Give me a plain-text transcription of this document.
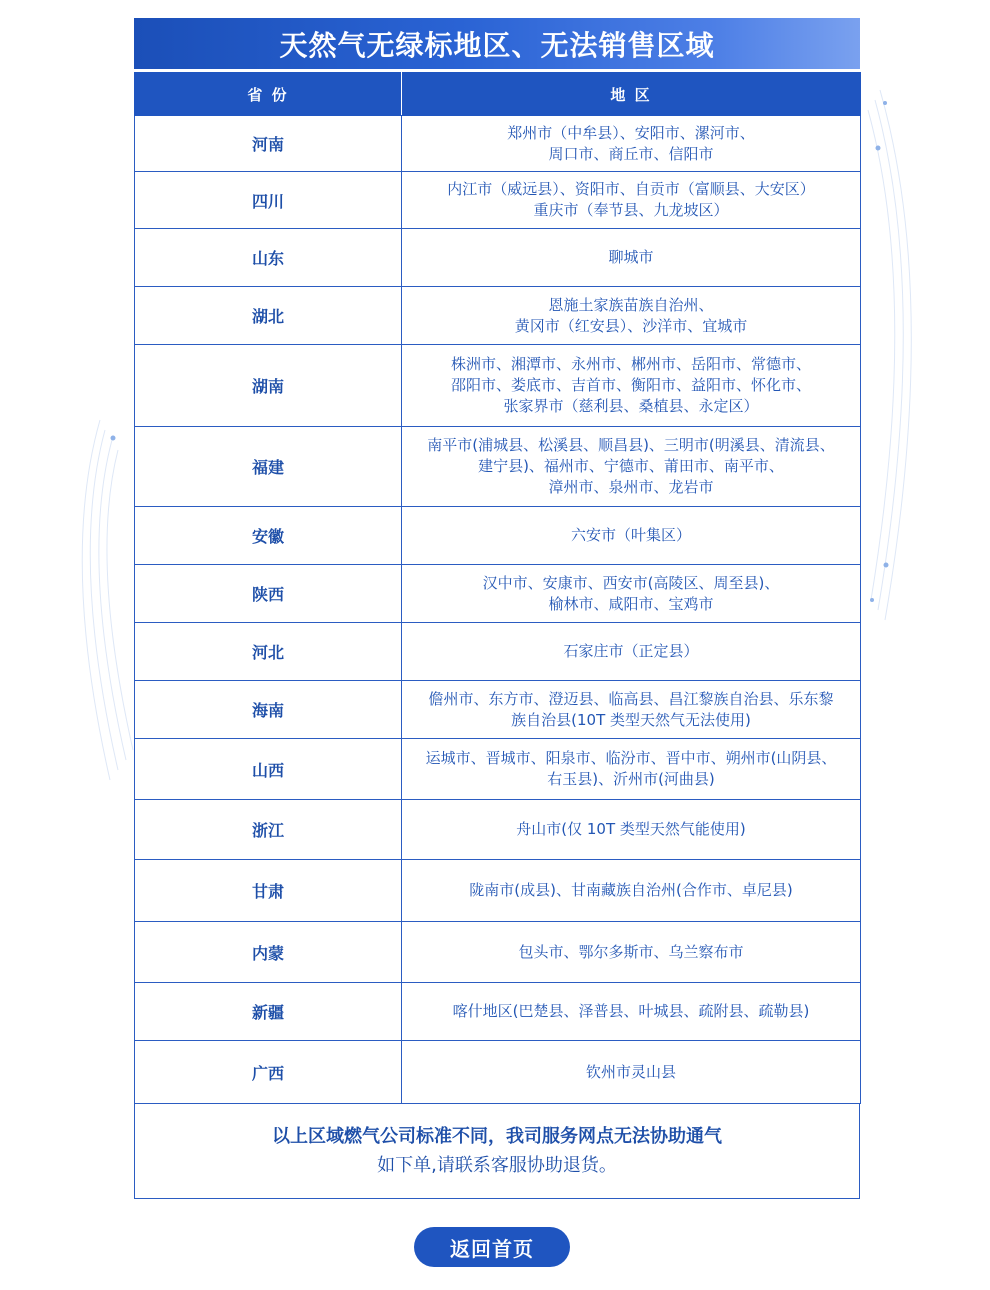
天然气无绿标地区、无法销售区域
省 份	地 区
河南	郑州市（中牟县）、安阳市、漯河市、
周口市、商丘市、信阳市

四川	内江市（威远县）、资阳市、自贡市（富顺县、大安区）
重庆市（奉节县、九龙坡区）

山东	聊城市

湖北	恩施土家族苗族自治州、
黄冈市（红安县）、沙洋市、宜城市

湖南	株洲市、湘潭市、永州市、郴州市、岳阳市、常德市、
邵阳市、娄底市、吉首市、衡阳市、益阳市、怀化市、
张家界市（慈利县、桑植县、永定区）

福建	南平市(浦城县、松溪县、顺昌县)、三明市(明溪县、清流县、
建宁县)、福州市、宁德市、莆田市、南平市、
漳州市、泉州市、龙岩市

安徽	六安市（叶集区）

陕西	汉中市、安康市、西安市(高陵区、周至县)、
榆林市、咸阳市、宝鸡市

河北	石家庄市（正定县）

海南	儋州市、东方市、澄迈县、临高县、昌江黎族自治县、乐东黎
族自治县(10T 类型天然气无法使用)

山西	运城市、晋城市、阳泉市、临汾市、晋中市、朔州市(山阴县、
右玉县)、沂州市(河曲县)

浙江	舟山市(仅 10T 类型天然气能使用)

甘肃	陇南市(成县)、甘南藏族自治州(合作市、卓尼县)

内蒙	包头市、鄂尔多斯市、乌兰察布市

新疆	喀什地区(巴楚县、泽普县、叶城县、疏附县、疏勒县)

广西	钦州市灵山县
以上区域燃气公司标准不同，我司服务网点无法协助通气
如下单,请联系客服协助退货。
返回首页
